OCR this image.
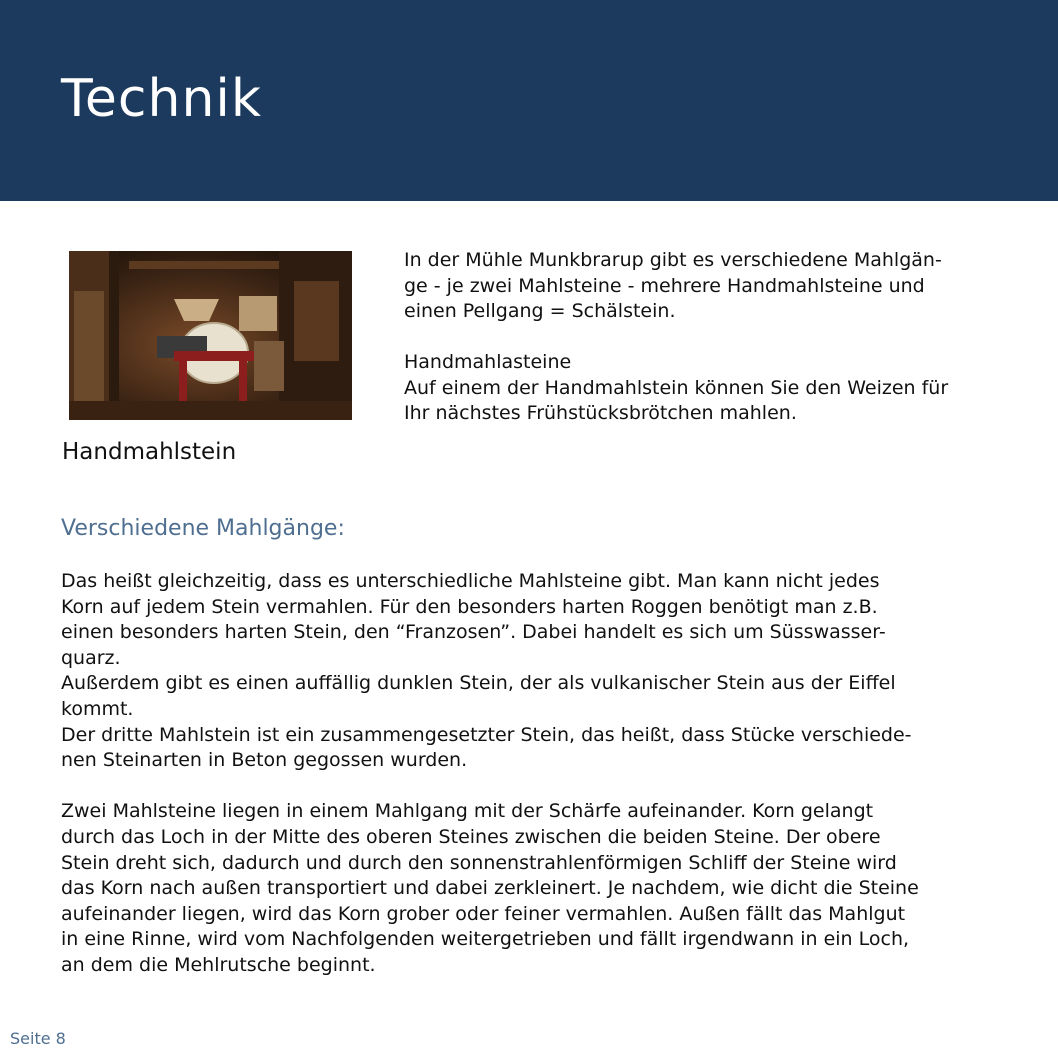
Technik
Handmahlstein

In der Mühle Munkbrarup gibt es verschiedene Mahlgän-
ge - je zwei Mahlsteine - mehrere Handmahlsteine und
einen Pellgang = Schälstein.

Handmahlasteine
Auf einem der Handmahlstein können Sie den Weizen für
Ihr nächstes Frühstücksbrötchen mahlen.

Verschiedene Mahlgänge:
Das heißt gleichzeitig, dass es unterschiedliche Mahlsteine gibt. Man kann nicht jedes
Korn auf jedem Stein vermahlen. Für den besonders harten Roggen benötigt man z.B.
einen besonders harten Stein, den “Franzosen”. Dabei handelt es sich um Süsswasser-
quarz.
Außerdem gibt es einen auffällig dunklen Stein, der als vulkanischer Stein aus der Eiffel
kommt.
Der dritte Mahlstein ist ein zusammengesetzter Stein, das heißt, dass Stücke verschiede-
nen Steinarten in Beton gegossen wurden.
Zwei Mahlsteine liegen in einem Mahlgang mit der Schärfe aufeinander. Korn gelangt
durch das Loch in der Mitte des oberen Steines zwischen die beiden Steine. Der obere
Stein dreht sich, dadurch und durch den sonnenstrahlenförmigen Schliff der Steine wird
das Korn nach außen transportiert und dabei zerkleinert. Je nachdem, wie dicht die Steine
aufeinander liegen, wird das Korn grober oder feiner vermahlen. Außen fällt das Mahlgut
in eine Rinne, wird vom Nachfolgenden weitergetrieben und fällt irgendwann in ein Loch,
an dem die Mehlrutsche beginnt.
Seite 8
